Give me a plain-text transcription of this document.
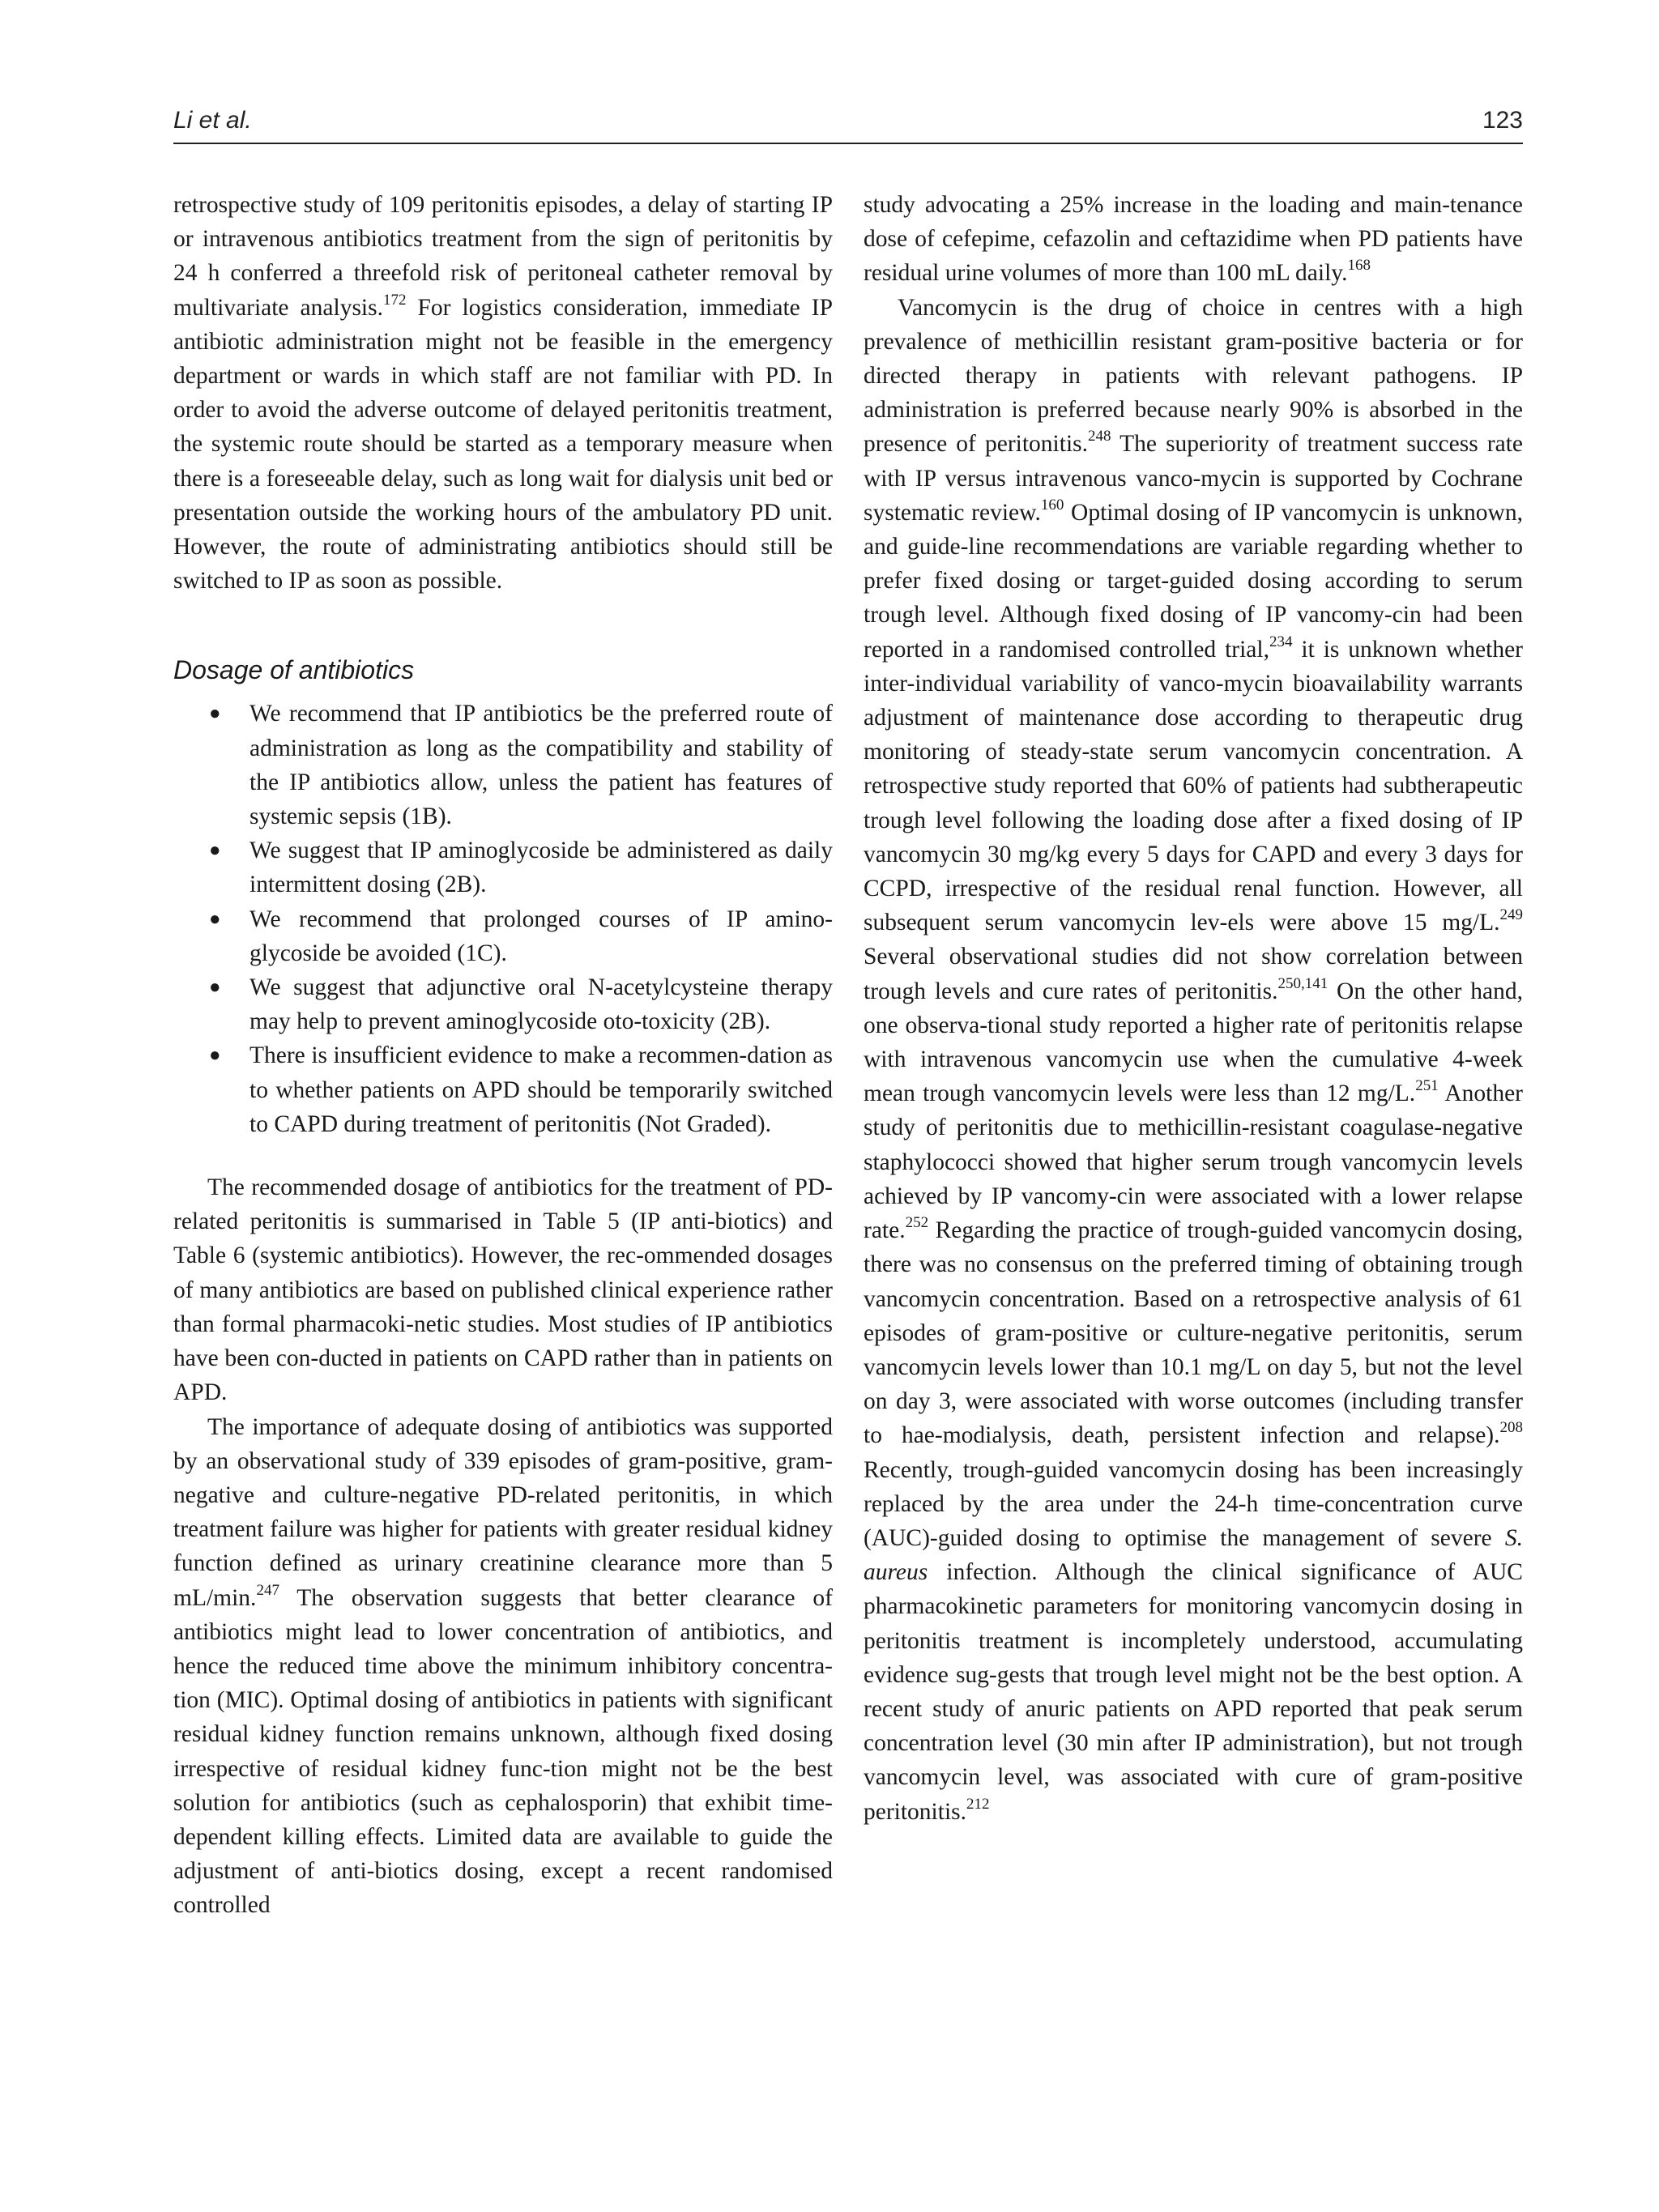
Li et al.	123

retrospective study of 109 peritonitis episodes, a delay of starting IP or intravenous antibiotics treatment from the sign of peritonitis by 24 h conferred a threefold risk of peritoneal catheter removal by multivariate analysis.$^{172}$ For logistics consideration, immediate IP antibiotic administration might not be feasible in the emergency department or wards in which staff are not familiar with PD. In order to avoid the adverse outcome of delayed peritonitis treatment, the systemic route should be started as a temporary measure when there is a foreseeable delay, such as long wait for dialysis unit bed or presentation outside the working hours of the ambulatory PD unit. However, the route of administrating antibiotics should still be switched to IP as soon as possible.

Dosage of antibiotics
● We recommend that IP antibiotics be the preferred route of administration as long as the compatibility and stability of the IP antibiotics allow, unless the patient has features of systemic sepsis (1B).
● We suggest that IP aminoglycoside be administered as daily intermittent dosing (2B).
● We recommend that prolonged courses of IP amino-glycoside be avoided (1C).
● We suggest that adjunctive oral N-acetylcysteine therapy may help to prevent aminoglycoside oto-toxicity (2B).
● There is insufficient evidence to make a recommen-dation as to whether patients on APD should be temporarily switched to CAPD during treatment of peritonitis (Not Graded).

The recommended dosage of antibiotics for the treatment of PD-related peritonitis is summarised in Table 5 (IP anti-biotics) and Table 6 (systemic antibiotics). However, the rec-ommended dosages of many antibiotics are based on published clinical experience rather than formal pharmacoki-netic studies. Most studies of IP antibiotics have been con-ducted in patients on CAPD rather than in patients on APD.

The importance of adequate dosing of antibiotics was supported by an observational study of 339 episodes of gram-positive, gram-negative and culture-negative PD-related peritonitis, in which treatment failure was higher for patients with greater residual kidney function defined as urinary creatinine clearance more than 5 mL/min.$^{247}$ The observation suggests that better clearance of antibiotics might lead to lower concentration of antibiotics, and hence the reduced time above the minimum inhibitory concentra-tion (MIC). Optimal dosing of antibiotics in patients with significant residual kidney function remains unknown, although fixed dosing irrespective of residual kidney func-tion might not be the best solution for antibiotics (such as cephalosporin) that exhibit time-dependent killing effects. Limited data are available to guide the adjustment of anti-biotics dosing, except a recent randomised controlled

study advocating a 25% increase in the loading and main-tenance dose of cefepime, cefazolin and ceftazidime when PD patients have residual urine volumes of more than 100 mL daily.$^{168}$

Vancomycin is the drug of choice in centres with a high prevalence of methicillin resistant gram-positive bacteria or for directed therapy in patients with relevant pathogens. IP administration is preferred because nearly 90% is absorbed in the presence of peritonitis.$^{248}$ The superiority of treatment success rate with IP versus intravenous vanco-mycin is supported by Cochrane systematic review.$^{160}$ Optimal dosing of IP vancomycin is unknown, and guide-line recommendations are variable regarding whether to prefer fixed dosing or target-guided dosing according to serum trough level. Although fixed dosing of IP vancomy-cin had been reported in a randomised controlled trial,$^{234}$ it is unknown whether inter-individual variability of vanco-mycin bioavailability warrants adjustment of maintenance dose according to therapeutic drug monitoring of steady-state serum vancomycin concentration. A retrospective study reported that 60% of patients had subtherapeutic trough level following the loading dose after a fixed dosing of IP vancomycin 30 mg/kg every 5 days for CAPD and every 3 days for CCPD, irrespective of the residual renal function. However, all subsequent serum vancomycin lev-els were above 15 mg/L.$^{249}$ Several observational studies did not show correlation between trough levels and cure rates of peritonitis.$^{250,141}$ On the other hand, one observa-tional study reported a higher rate of peritonitis relapse with intravenous vancomycin use when the cumulative 4-week mean trough vancomycin levels were less than 12 mg/L.$^{251}$ Another study of peritonitis due to methicillin-resistant coagulase-negative staphylococci showed that higher serum trough vancomycin levels achieved by IP vancomy-cin were associated with a lower relapse rate.$^{252}$ Regarding the practice of trough-guided vancomycin dosing, there was no consensus on the preferred timing of obtaining trough vancomycin concentration. Based on a retrospective analysis of 61 episodes of gram-positive or culture-negative peritonitis, serum vancomycin levels lower than 10.1 mg/L on day 5, but not the level on day 3, were associated with worse outcomes (including transfer to hae-modialysis, death, persistent infection and relapse).$^{208}$ Recently, trough-guided vancomycin dosing has been increasingly replaced by the area under the 24-h time-concentration curve (AUC)-guided dosing to optimise the management of severe S. aureus infection. Although the clinical significance of AUC pharmacokinetic parameters for monitoring vancomycin dosing in peritonitis treatment is incompletely understood, accumulating evidence sug-gests that trough level might not be the best option. A recent study of anuric patients on APD reported that peak serum concentration level (30 min after IP administration), but not trough vancomycin level, was associated with cure of gram-positive peritonitis.$^{212}$
